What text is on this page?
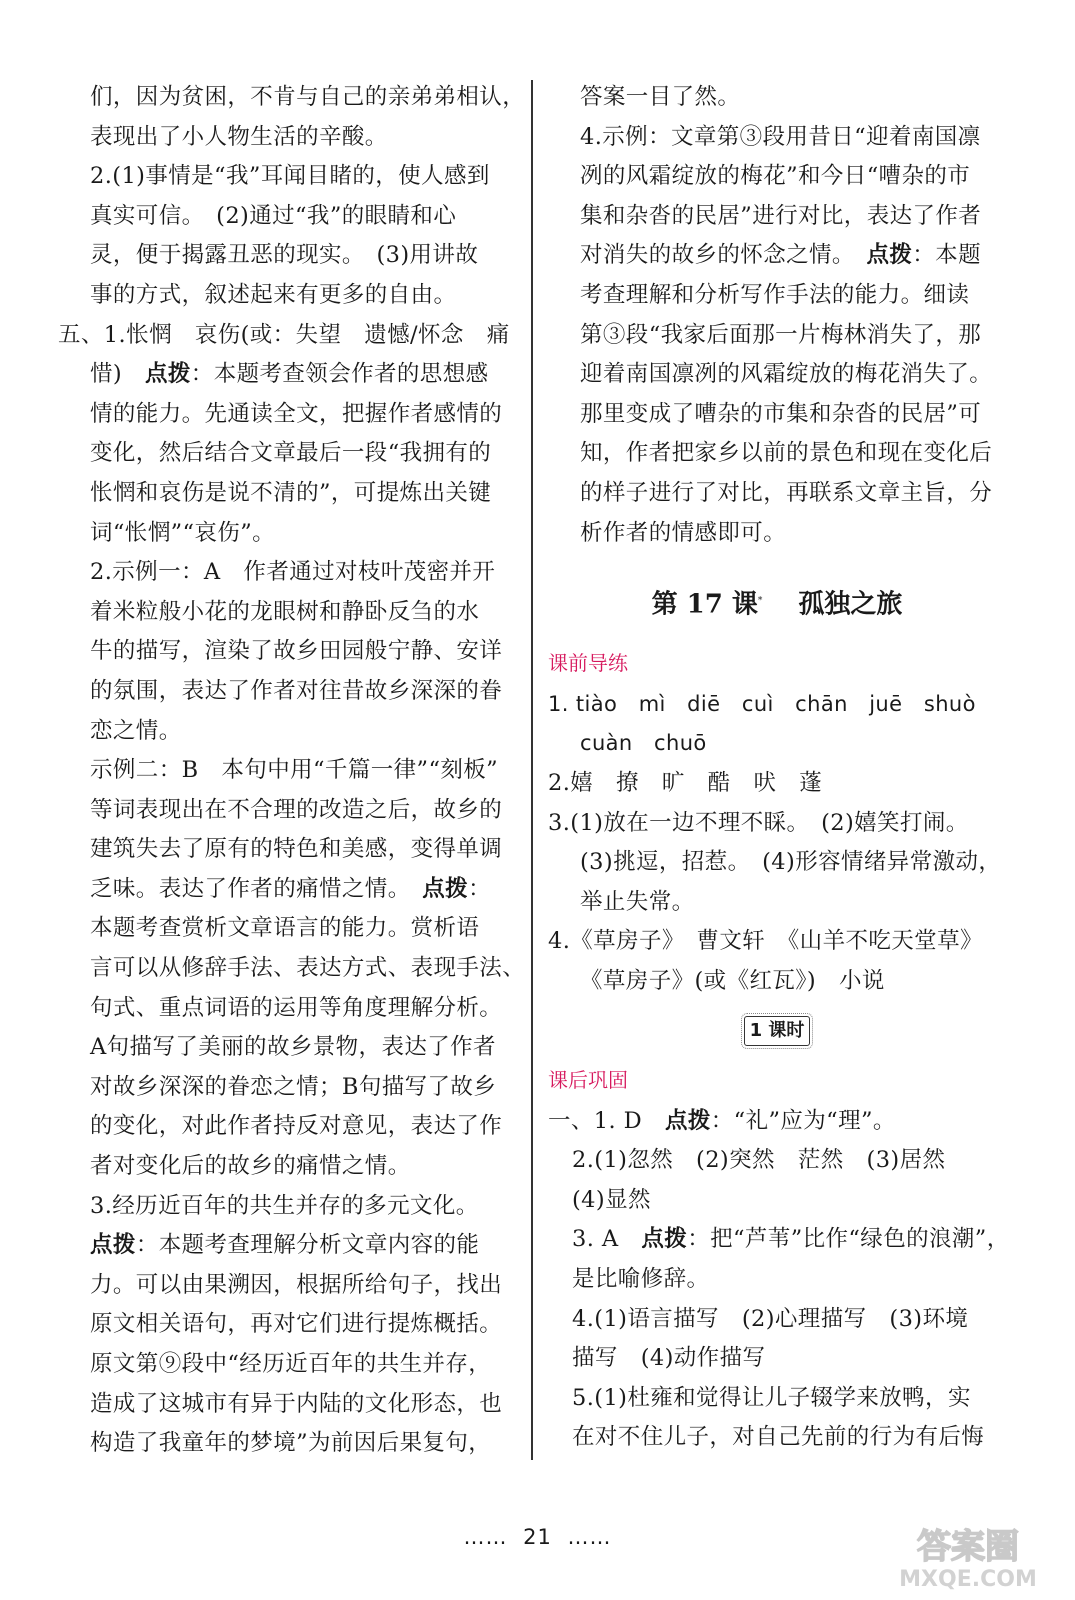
们，因为贫困，不肯与自己的亲弟弟相认，
表现出了小人物生活的辛酸。
2.(1)事情是“我”耳闻目睹的，使人感到
真实可信。　(2)通过“我”的眼睛和心
灵，便于揭露丑恶的现实。　(3)用讲故
事的方式，叙述起来有更多的自由。
五、1.怅惘　哀伤(或：失望　遗憾/怀念　痛
惜)　点拨：本题考查领会作者的思想感
情的能力。先通读全文，把握作者感情的
变化，然后结合文章最后一段“我拥有的
怅惘和哀伤是说不清的”，可提炼出关键
词“怅惘”“哀伤”。
2.示例一：A　作者通过对枝叶茂密并开
着米粒般小花的龙眼树和静卧反刍的水
牛的描写，渲染了故乡田园般宁静、安详
的氛围，表达了作者对往昔故乡深深的眷
恋之情。
示例二：B　本句中用“千篇一律”“刻板”
等词表现出在不合理的改造之后，故乡的
建筑失去了原有的特色和美感，变得单调
乏味。表达了作者的痛惜之情。　点拨：
本题考查赏析文章语言的能力。赏析语
言可以从修辞手法、表达方式、表现手法、
句式、重点词语的运用等角度理解分析。
A句描写了美丽的故乡景物，表达了作者
对故乡深深的眷恋之情；B句描写了故乡
的变化，对此作者持反对意见，表达了作
者对变化后的故乡的痛惜之情。
3.经历近百年的共生并存的多元文化。
点拨：本题考查理解分析文章内容的能
力。可以由果溯因，根据所给句子，找出
原文相关语句，再对它们进行提炼概括。
原文第⑨段中“经历近百年的共生并存，
造成了这城市有异于内陆的文化形态，也
构造了我童年的梦境”为前因后果复句，
答案一目了然。
4.示例：文章第③段用昔日“迎着南国凛
冽的风霜绽放的梅花”和今日“嘈杂的市
集和杂沓的民居”进行对比，表达了作者
对消失的故乡的怀念之情。　点拨：本题
考查理解和分析写作手法的能力。细读
第③段“我家后面那一片梅林消失了，那
迎着南国凛冽的风霜绽放的梅花消失了。
那里变成了嘈杂的市集和杂沓的民居”可
知，作者把家乡以前的景色和现在变化后
的样子进行了对比，再联系文章主旨，分
析作者的情感即可。
第 17 课* 孤独之旅
课前导练
1. tiào　mì　diē　cuì　chān　juē　shuò
cuàn　chuō
2.嬉　撩　旷　酷　吠　蓬
3.(1)放在一边不理不睬。　(2)嬉笑打闹。
(3)挑逗，招惹。　(4)形容情绪异常激动，
举止失常。
4.《草房子》　曹文轩　《山羊不吃天堂草》
《草房子》(或《红瓦》)　小说
1 课时
课后巩固
一、1. D　点拨：“礼”应为“理”。
2.(1)忽然　(2)突然　茫然　(3)居然
(4)显然
3. A　点拨：把“芦苇”比作“绿色的浪潮”，
是比喻修辞。
4.(1)语言描写　(2)心理描写　(3)环境
描写　(4)动作描写
5.(1)杜雍和觉得让儿子辍学来放鸭，实
在对不住儿子，对自己先前的行为有后悔
…… 21 ……	答案圈
MXQE.COM
